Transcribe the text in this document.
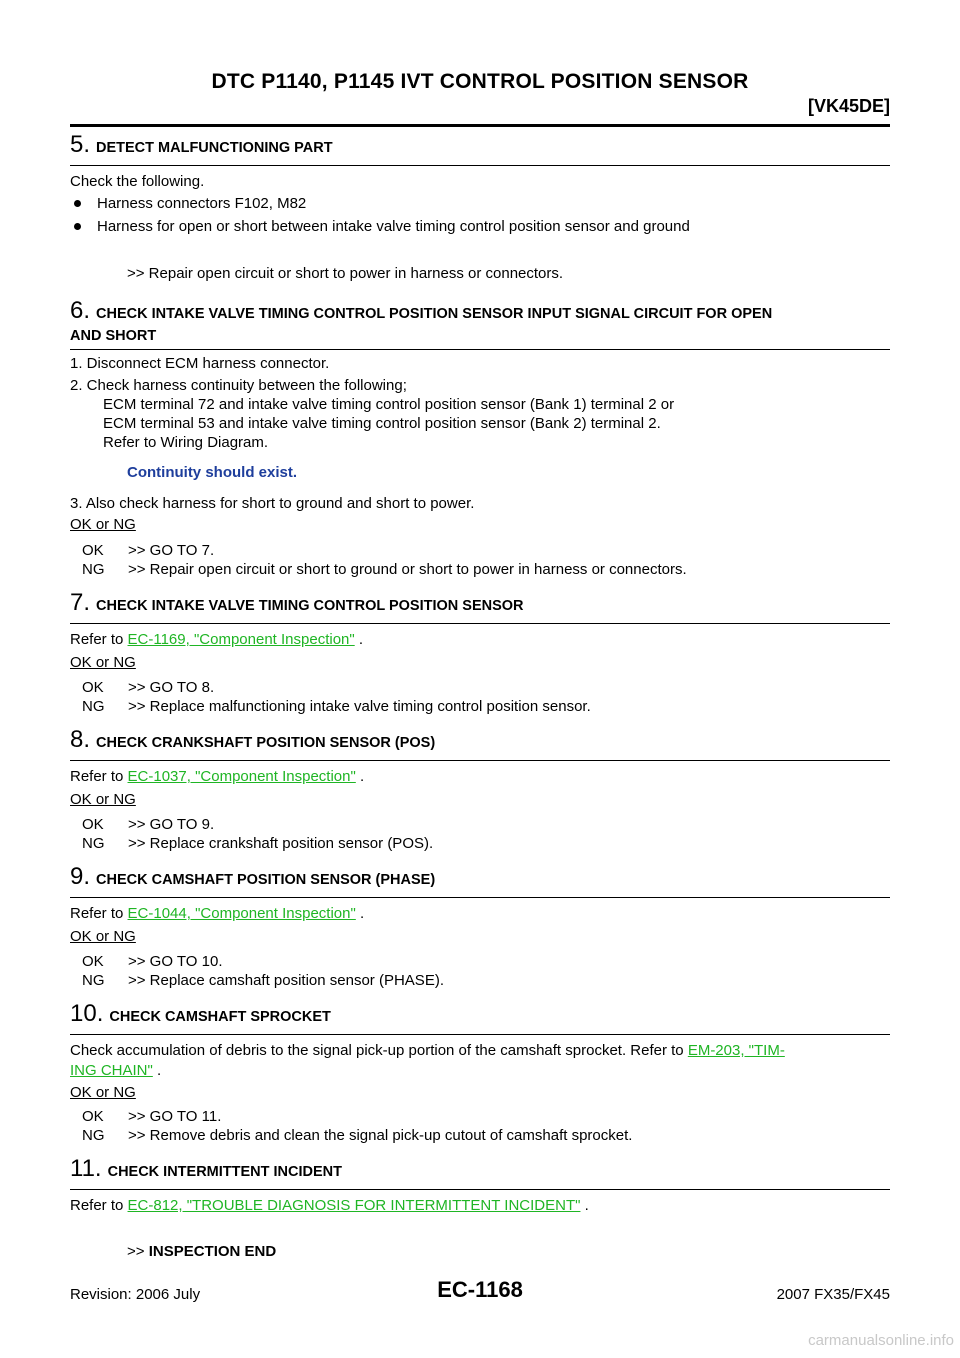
DTC P1140, P1145 IVT CONTROL POSITION SENSOR
[VK45DE]
5. DETECT MALFUNCTIONING PART
Check the following.
Harness connectors F102, M82
Harness for open or short between intake valve timing control position sensor and ground
>> Repair open circuit or short to power in harness or connectors.
6. CHECK INTAKE VALVE TIMING CONTROL POSITION SENSOR INPUT SIGNAL CIRCUIT FOR OPEN
AND SHORT
1. Disconnect ECM harness connector.
2. Check harness continuity between the following;
ECM terminal 72 and intake valve timing control position sensor (Bank 1) terminal 2 or
ECM terminal 53 and intake valve timing control position sensor (Bank 2) terminal 2.
Refer to Wiring Diagram.
Continuity should exist.
3. Also check harness for short to ground and short to power.
OK or NG
OK >> GO TO 7.
NG >> Repair open circuit or short to ground or short to power in harness or connectors.
7. CHECK INTAKE VALVE TIMING CONTROL POSITION SENSOR
Refer to EC-1169, "Component Inspection" .
OK or NG
OK >> GO TO 8.
NG >> Replace malfunctioning intake valve timing control position sensor.
8. CHECK CRANKSHAFT POSITION SENSOR (POS)
Refer to EC-1037, "Component Inspection" .
OK or NG
OK >> GO TO 9.
NG >> Replace crankshaft position sensor (POS).
9. CHECK CAMSHAFT POSITION SENSOR (PHASE)
Refer to EC-1044, "Component Inspection" .
OK or NG
OK >> GO TO 10.
NG >> Replace camshaft position sensor (PHASE).
10. CHECK CAMSHAFT SPROCKET
Check accumulation of debris to the signal pick-up portion of the camshaft sprocket. Refer to EM-203, "TIM-
ING CHAIN" .
OK or NG
OK >> GO TO 11.
NG >> Remove debris and clean the signal pick-up cutout of camshaft sprocket.
11. CHECK INTERMITTENT INCIDENT
Refer to EC-812, "TROUBLE DIAGNOSIS FOR INTERMITTENT INCIDENT" .
>> INSPECTION END
Revision: 2006 July	EC-1168	2007 FX35/FX45
carmanualsonline.info
